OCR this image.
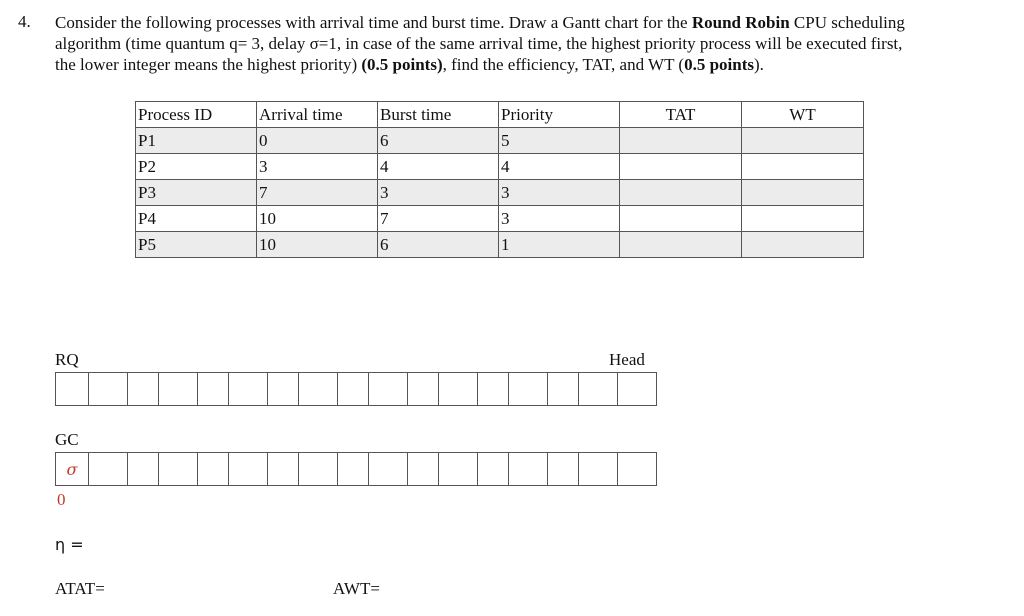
4. Consider the following processes with arrival time and burst time. Draw a Gantt chart for the Round Robin CPU scheduling
algorithm (time quantum q= 3, delay σ=1, in case of the same arrival time, the highest priority process will be executed first,
the lower integer means the highest priority) (0.5 points), find the efficiency, TAT, and WT (0.5 points).
Process ID	Arrival time	Burst time	Priority	TAT	WT
P1	0	6	5		
P2	3	4	4		
P3	7	3	3		
P4	10	7	3		
P5	10	6	1		
RQ	Head
GC
σ
0
η =
ATAT=	AWT=
